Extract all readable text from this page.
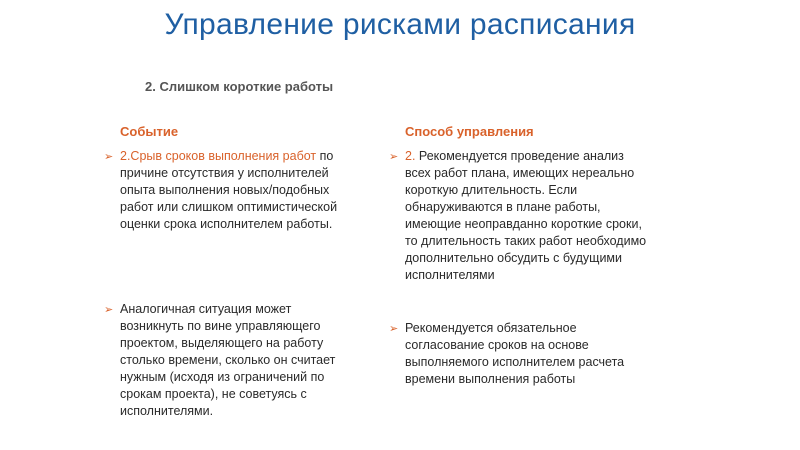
Управление рисками расписания
2. Слишком короткие работы
Событие	Способ управления
➢ 2.Срыв сроков выполнения работ по
причине отсутствия у исполнителей
опыта выполнения новых/подобных
работ или слишком оптимистической
оценки срока исполнителем работы.
➢ Аналогичная ситуация может
возникнуть по вине управляющего
проектом, выделяющего на работу
столько времени, сколько он считает
нужным (исходя из ограничений по
срокам проекта), не советуясь с
исполнителями.
➢ 2. Рекомендуется проведение анализ
всех работ плана, имеющих нереально
короткую длительность. Если
обнаруживаются в плане работы,
имеющие неоправданно короткие сроки,
то длительность таких работ необходимо
дополнительно обсудить с будущими
исполнителями
➢ Рекомендуется обязательное
согласование сроков на основе
выполняемого исполнителем расчета
времени выполнения работы
